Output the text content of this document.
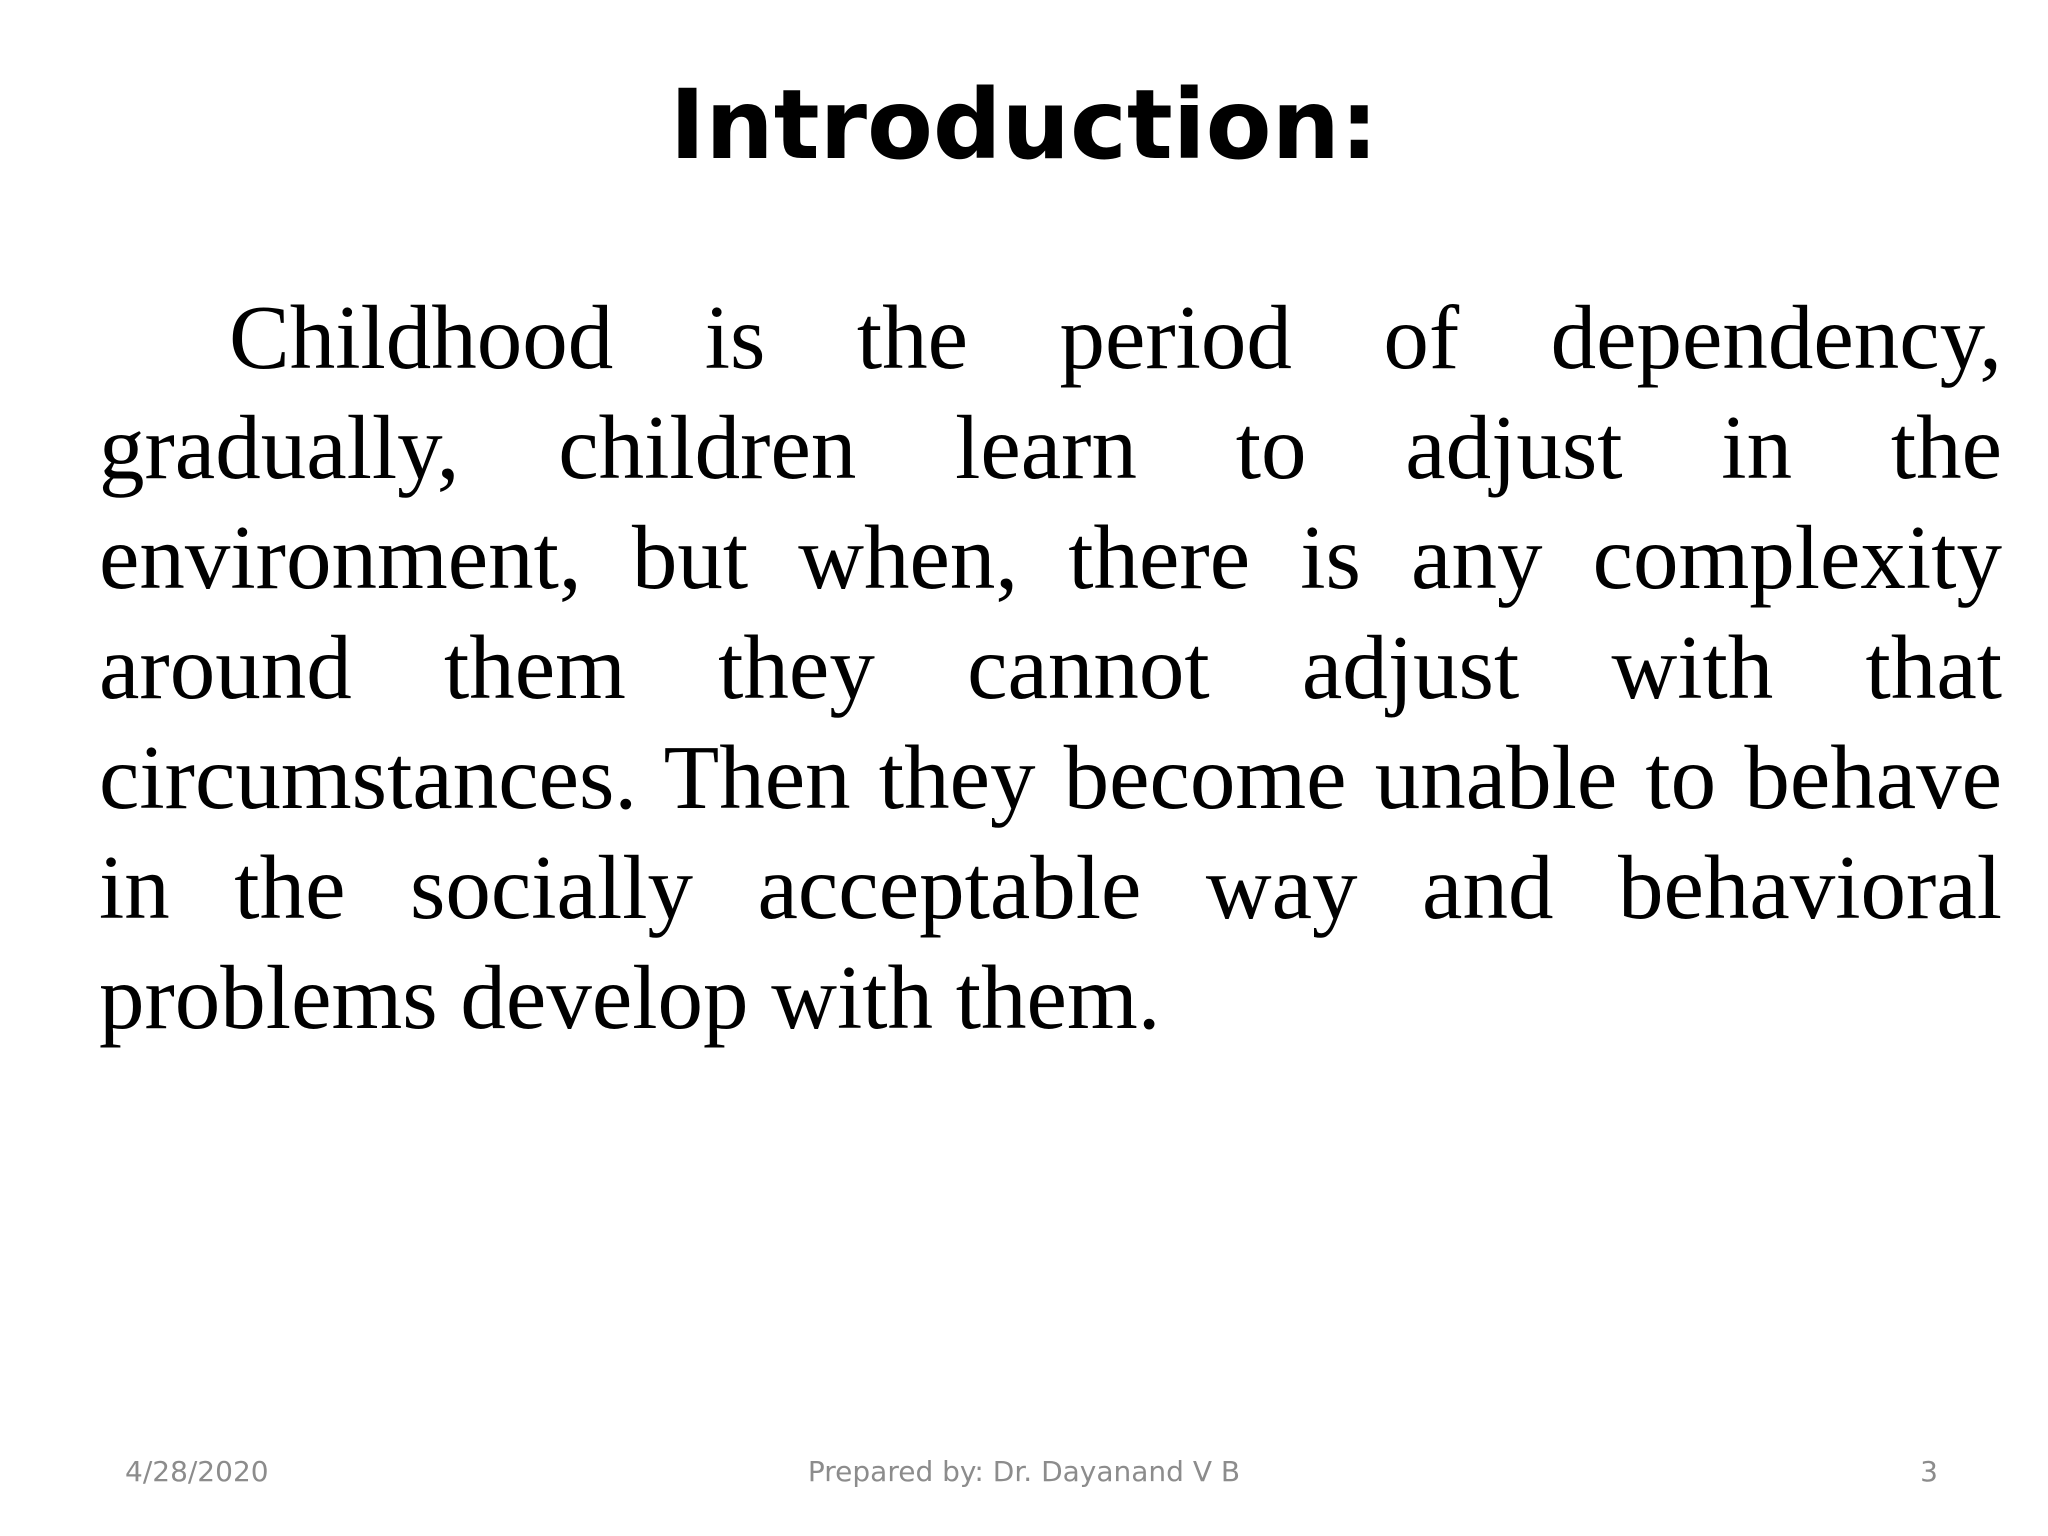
Introduction:

Childhood is the period of dependency, gradually, children learn to adjust in the environment, but when, there is any complexity around them they cannot adjust with that circumstances. Then they become unable to behave in the socially acceptable way and behavioral problems develop with them.

Prepared by: Dr. Dayanand V B
4/28/2020	3
